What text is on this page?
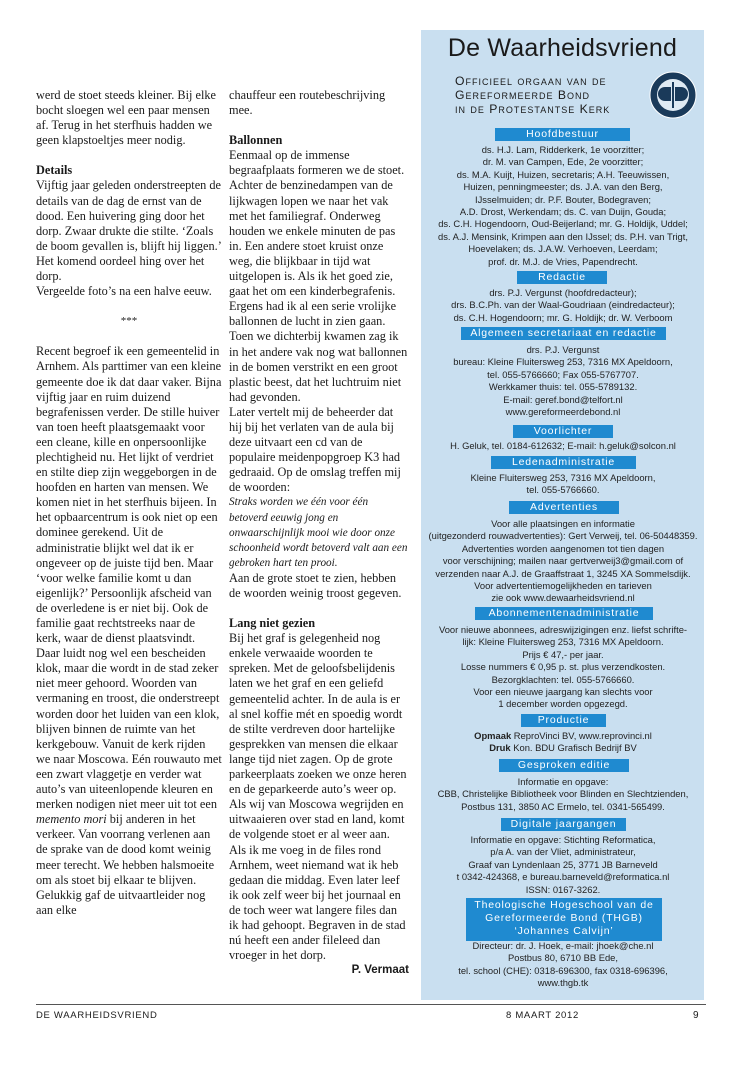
werd de stoet steeds kleiner. Bij elke bocht sloegen wel een paar mensen af. Terug in het sterfhuis hadden we geen klapstoeltjes meer nodig.

Details

Vijftig jaar geleden onderstreepten de details van de dag de ernst van de dood. Een huivering ging door het dorp. Zwaar drukte die stilte. ‘Zoals de boom gevallen is, blijft hij liggen.’ Het komend oordeel hing over het dorp.

Vergeelde foto’s na een halve eeuw.

***

Recent begroef ik een gemeentelid in Arnhem. Als parttimer van een kleine gemeente doe ik dat daar vaker. Bijna vijftig jaar en ruim duizend begrafenissen verder. De stille huiver van toen heeft plaatsgemaakt voor een cleane, kille en onpersoonlijke plechtigheid nu. Het lijkt of verdriet en stilte diep zijn weggeborgen in de hoofden en harten van mensen. We komen niet in het sterfhuis bijeen. In het opbaarcentrum is ook niet op een dominee gerekend. Uit de administratie blijkt wel dat ik er ongeveer op de juiste tijd ben. Maar ‘voor welke familie komt u dan eigenlijk?’ Persoonlijk afscheid van de overledene is er niet bij. Ook de familie gaat rechtstreeks naar de kerk, waar de dienst plaatsvindt. Daar luidt nog wel een bescheiden klok, maar die wordt in de stad zeker niet meer gehoord. Woorden van vermaning en troost, die onderstreept worden door het luiden van een klok, blijven binnen de ruimte van het kerkgebouw. Vanuit de kerk rijden we naar Moscowa. Eén rouwauto met een zwart vlaggetje en verder wat auto’s van uiteenlopende kleuren en merken nodigen niet meer uit tot een memento mori bij anderen in het verkeer. Van voorrang verlenen aan de sprake van de dood komt weinig meer terecht. We hebben halsmoeite om als stoet bij elkaar te blijven. Gelukkig gaf de uitvaartleider nog aan elke

chauffeur een routebeschrijving mee.

Ballonnen

Eenmaal op de immense begraafplaats formeren we de stoet. Achter de benzinedampen van de lijkwagen lopen we naar het vak met het familiegraf. Onderweg houden we enkele minuten de pas in. Een andere stoet kruist onze weg, die blijkbaar in tijd wat uitgelopen is. Als ik het goed zie, gaat het om een kinderbegrafenis. Ergens had ik al een serie vrolijke ballonnen de lucht in zien gaan. Toen we dichterbij kwamen zag ik in het andere vak nog wat ballonnen in de bomen verstrikt en een groot plastic beest, dat het luchtruim niet had gevonden.

Later vertelt mij de beheerder dat hij bij het verlaten van de aula bij deze uitvaart een cd van de populaire meidenpopgroep K3 had gedraaid. Op de omslag treffen mij de woorden:

Straks worden we één voor één betoverd eeuwig jong en onwaarschijnlijk mooi wie door onze schoonheid wordt betoverd valt aan een gebroken hart ten prooi.

Aan de grote stoet te zien, hebben de woorden weinig troost gegeven.

Lang niet gezien

Bij het graf is gelegenheid nog enkele verwaaide woorden te spreken. Met de geloofsbelijdenis laten we het graf en een geliefd gemeentelid achter. In de aula is er al snel koffie mét en spoedig wordt de stilte verdreven door hartelijke gesprekken van mensen die elkaar lange tijd niet zagen. Op de grote parkeerplaats zoeken we onze heren en de geparkeerde auto’s weer op. Als wij van Moscowa wegrijden en uitwaaieren over stad en land, komt de volgende stoet er al weer aan.

Als ik me voeg in de files rond Arnhem, weet niemand wat ik heb gedaan die middag. Even later leef ik ook zelf weer bij het journaal en de toch weer wat langere files dan ik had gehoopt. Begraven in de stad nú heeft een ander fileleed dan vroeger in het dorp.

P. Vermaat

De Waarheidsvriend
Officieel orgaan van de
Gereformeerde Bond
in de Protestantse Kerk
Hoofdbestuur

ds. H.J. Lam, Ridderkerk, 1e voorzitter;

dr. M. van Campen, Ede, 2e voorzitter;

ds. M.A. Kuijt, Huizen, secretaris; A.H. Teeuwissen,

Huizen, penningmeester; ds. J.A. van den Berg,

IJsselmuiden; dr. P.F. Bouter, Bodegraven;

A.D. Drost, Werkendam; ds. C. van Duijn, Gouda;

ds. C.H. Hogendoorn, Oud-Beijerland; mr. G. Holdijk, Uddel;

ds. A.J. Mensink, Krimpen aan den IJssel; ds. P.H. van Trigt,

Hoevelaken; ds. J.A.W. Verhoeven, Leerdam;

prof. dr. M.J. de Vries, Papendrecht.

Redactie

drs. P.J. Vergunst (hoofdredacteur);

drs. B.C.Ph. van der Waal-Goudriaan (eindredacteur);

ds. C.H. Hogendoorn; mr. G. Holdijk; dr. W. Verboom

Algemeen secretariaat en redactie

drs. P.J. Vergunst

bureau: Kleine Fluitersweg 253, 7316 MX Apeldoorn,

tel. 055-5766660; Fax 055-5767707.

Werkkamer thuis: tel. 055-5789132.

E-mail: geref.bond@telfort.nl

www.gereformeerdebond.nl

Voorlichter

H. Geluk, tel. 0184-612632; E-mail: h.geluk@solcon.nl

Ledenadministratie

Kleine Fluitersweg 253, 7316 MX Apeldoorn,

tel. 055-5766660.

Advertenties

Voor alle plaatsingen en informatie

(uitgezonderd rouwadvertenties): Gert Verweij, tel. 06-50448359.

Advertenties worden aangenomen tot tien dagen

voor verschijning; mailen naar gertverweij3@gmail.com of

verzenden naar A.J. de Graaffstraat 1, 3245 XA Sommelsdijk.

Voor advertentiemogelijkheden en tarieven

zie ook www.dewaarheidsvriend.nl

Abonnementenadministratie

Voor nieuwe abonnees, adreswijzigingen enz. liefst schrifte-

lijk: Kleine Fluitersweg 253, 7316 MX Apeldoorn.

Prijs € 47,- per jaar.

Losse nummers € 0,95 p. st. plus verzendkosten.

Bezorgklachten: tel. 055-5766660.

Voor een nieuwe jaargang kan slechts voor

1 december worden opgezegd.

Productie

Opmaak ReproVinci BV, www.reprovinci.nl

Druk Kon. BDU Grafisch Bedrijf BV

Gesproken editie

Informatie en opgave:

CBB, Christelijke Bibliotheek voor Blinden en Slechtzienden,

Postbus 131, 3850 AC Ermelo, tel. 0341-565499.

Digitale jaargangen

Informatie en opgave: Stichting Reformatica,

p/a A. van der Vliet, administrateur,

Graaf van Lyndenlaan 25, 3771 JB Barneveld

t 0342-424368, e bureau.barneveld@reformatica.nl

ISSN: 0167-3262.

Theologische Hogeschool van de
Gereformeerde Bond (THGB)
‘Johannes Calvijn’

Directeur: dr. J. Hoek, e-mail: jhoek@che.nl

Postbus 80, 6710 BB Ede,

tel. school (CHE): 0318-696300, fax 0318-696396,

www.thgb.tk

DE WAARHEIDSVRIEND	8 MAART 2012	9
